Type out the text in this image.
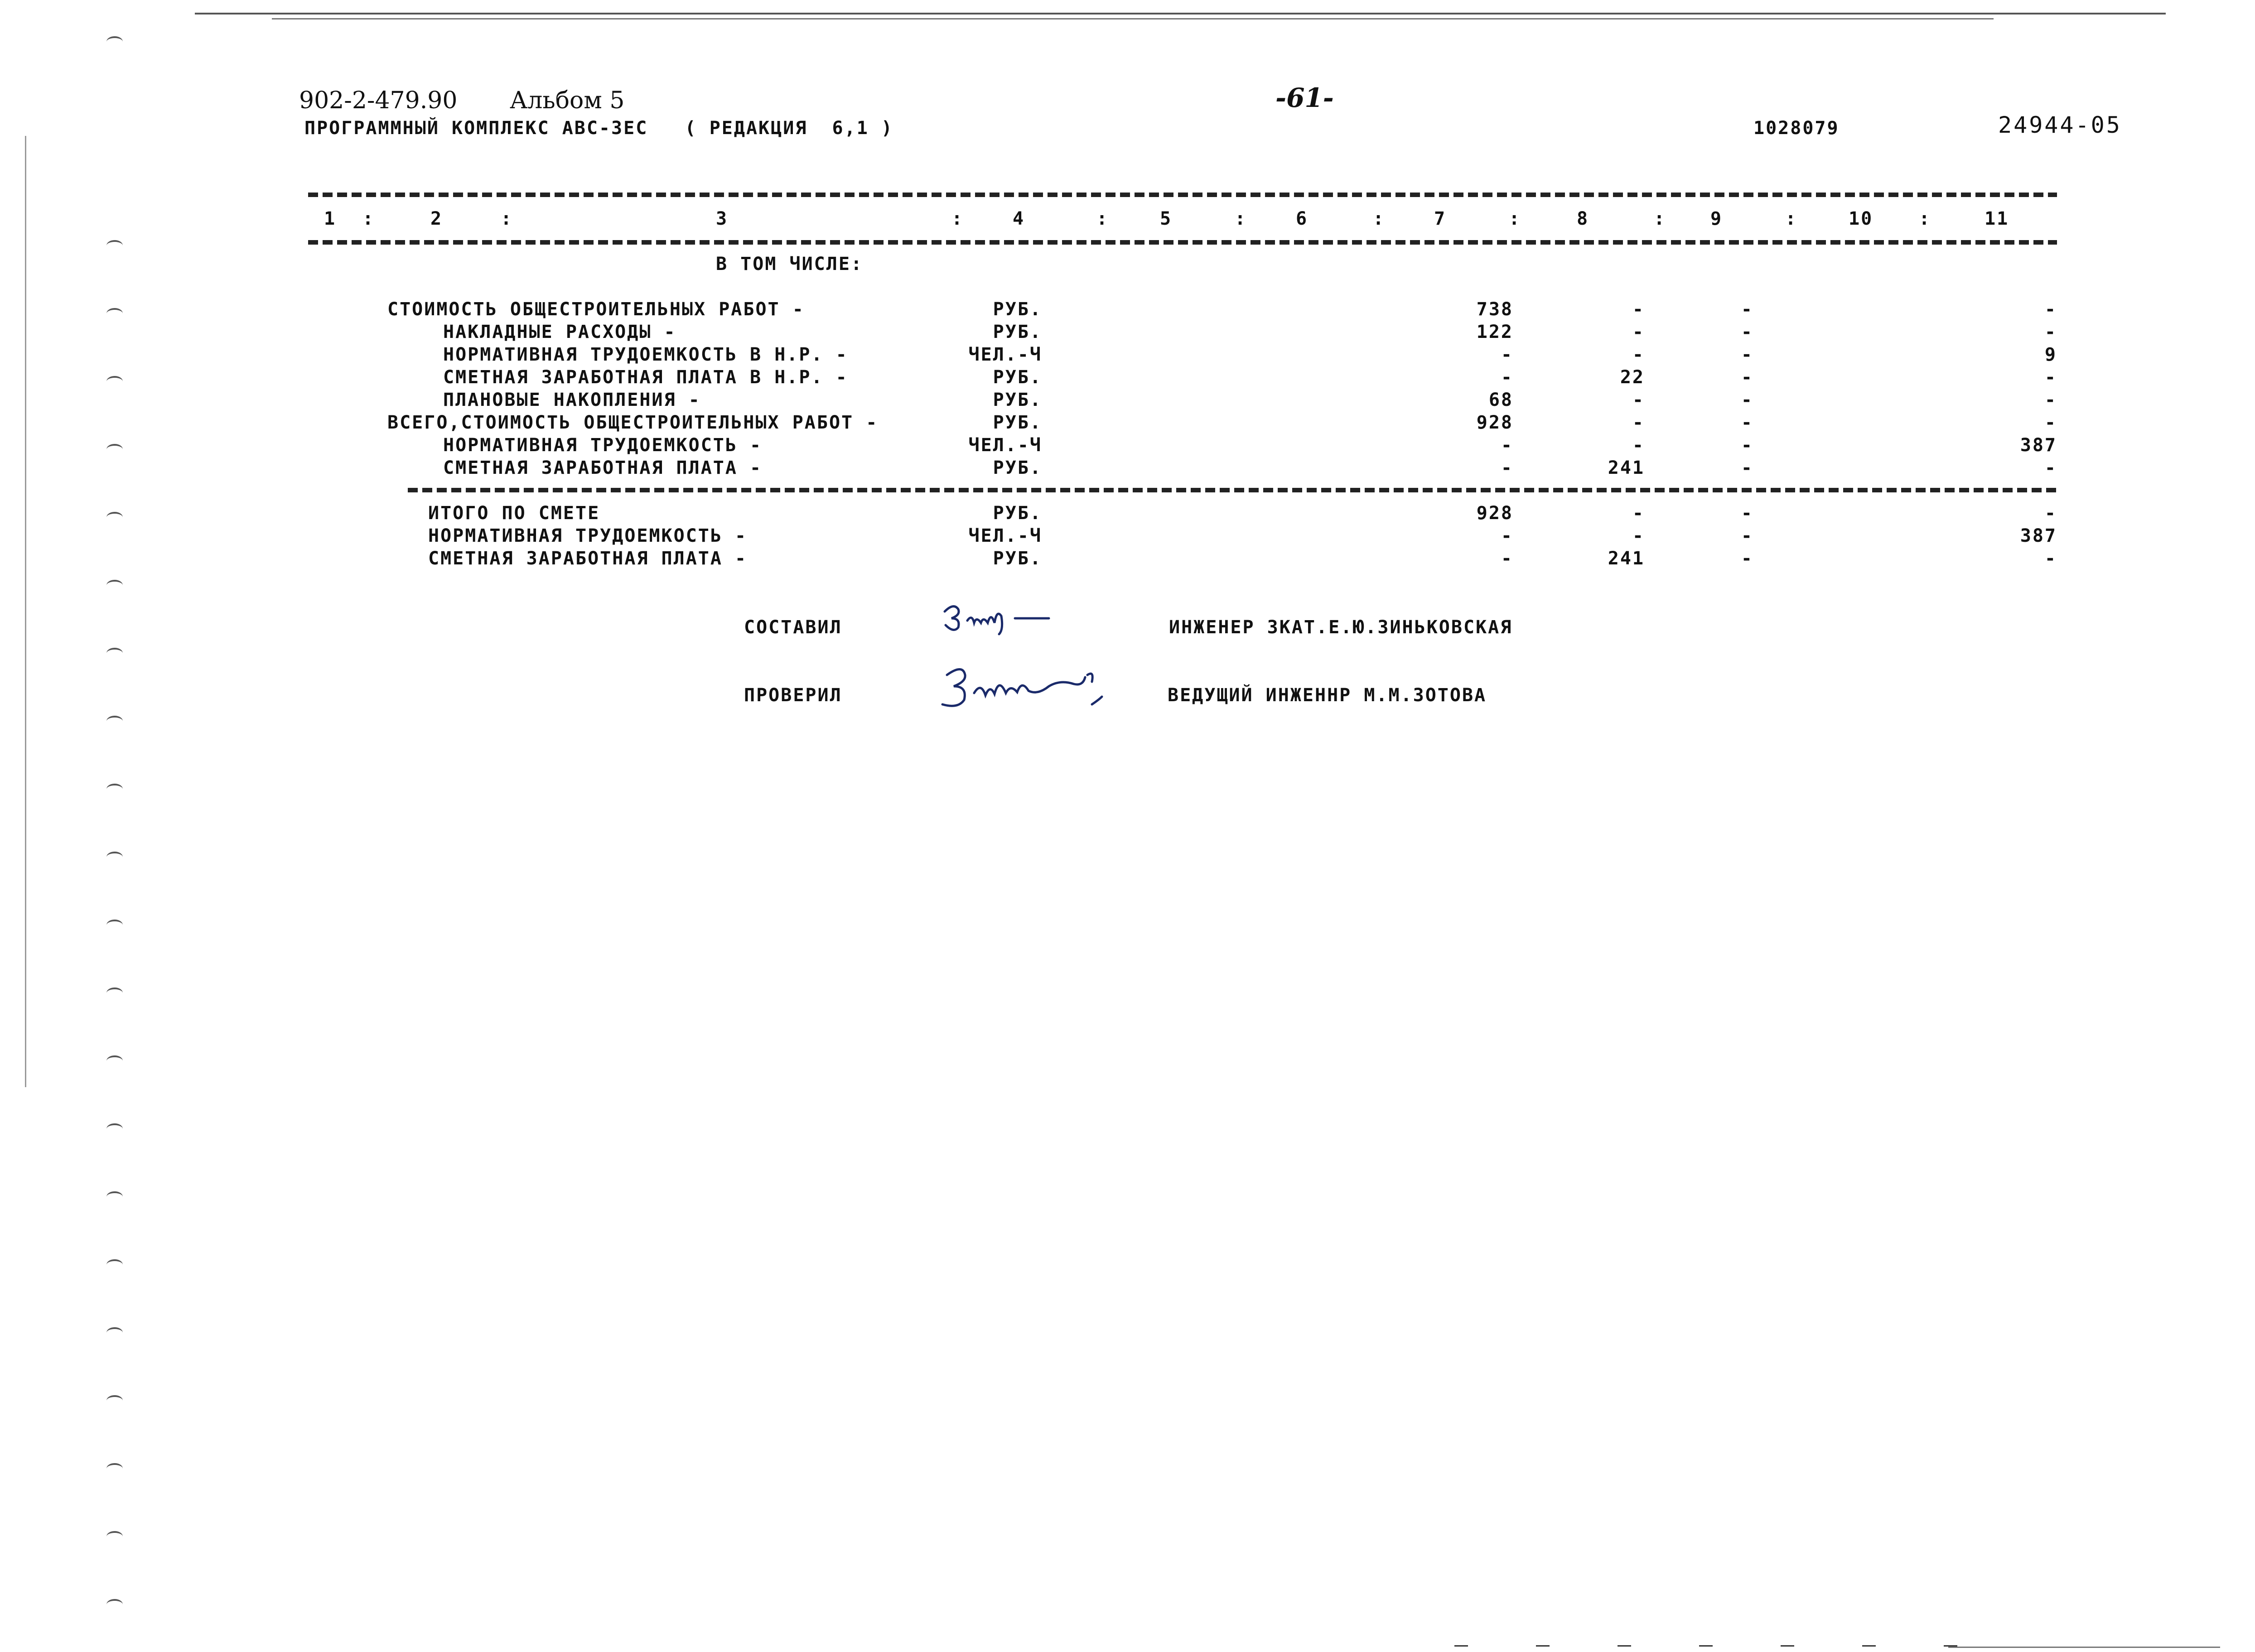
902-2-479.90 Альбом 5	-61-
ПРОГРАММНЫЙ КОМПЛЕКС АВС-ЗЕС   ( РЕДАКЦИЯ  6,1 )	1028079	24944-05
1	2	3	4	5	6	7	8	9	10	11
:	:	:	:	:	:	:	:	:	:
В ТОМ ЧИСЛЕ:
СТОИМОСТЬ ОБЩЕСТРОИТЕЛЬНЫХ РАБОТ -	РУБ.	738	-	-	-
НАКЛАДНЫЕ РАСХОДЫ -	РУБ.	122	-	-	-
НОРМАТИВНАЯ ТРУДОЕМКОСТЬ В Н.Р. -	ЧЕЛ.-Ч	-	-	-	9
СМЕТНАЯ ЗАРАБОТНАЯ ПЛАТА В Н.Р. -	РУБ.	-	22	-	-
ПЛАНОВЫЕ НАКОПЛЕНИЯ -	РУБ.	68	-	-	-
ВСЕГО,СТОИМОСТЬ ОБЩЕСТРОИТЕЛЬНЫХ РАБОТ -	РУБ.	928	-	-	-
НОРМАТИВНАЯ ТРУДОЕМКОСТЬ -	ЧЕЛ.-Ч	-	-	-	387
СМЕТНАЯ ЗАРАБОТНАЯ ПЛАТА -	РУБ.	-	241	-	-
ИТОГО ПО СМЕТЕ	РУБ.	928	-	-	-
НОРМАТИВНАЯ ТРУДОЕМКОСТЬ -	ЧЕЛ.-Ч	-	-	-	387
СМЕТНАЯ ЗАРАБОТНАЯ ПЛАТА -	РУБ.	-	241	-	-
СОСТАВИЛ	ИНЖЕНЕР ЗКАТ.Е.Ю.ЗИНЬКОВСКАЯ
ПРОВЕРИЛ	ВЕДУЩИЙ ИНЖЕННР М.М.ЗОТОВА
